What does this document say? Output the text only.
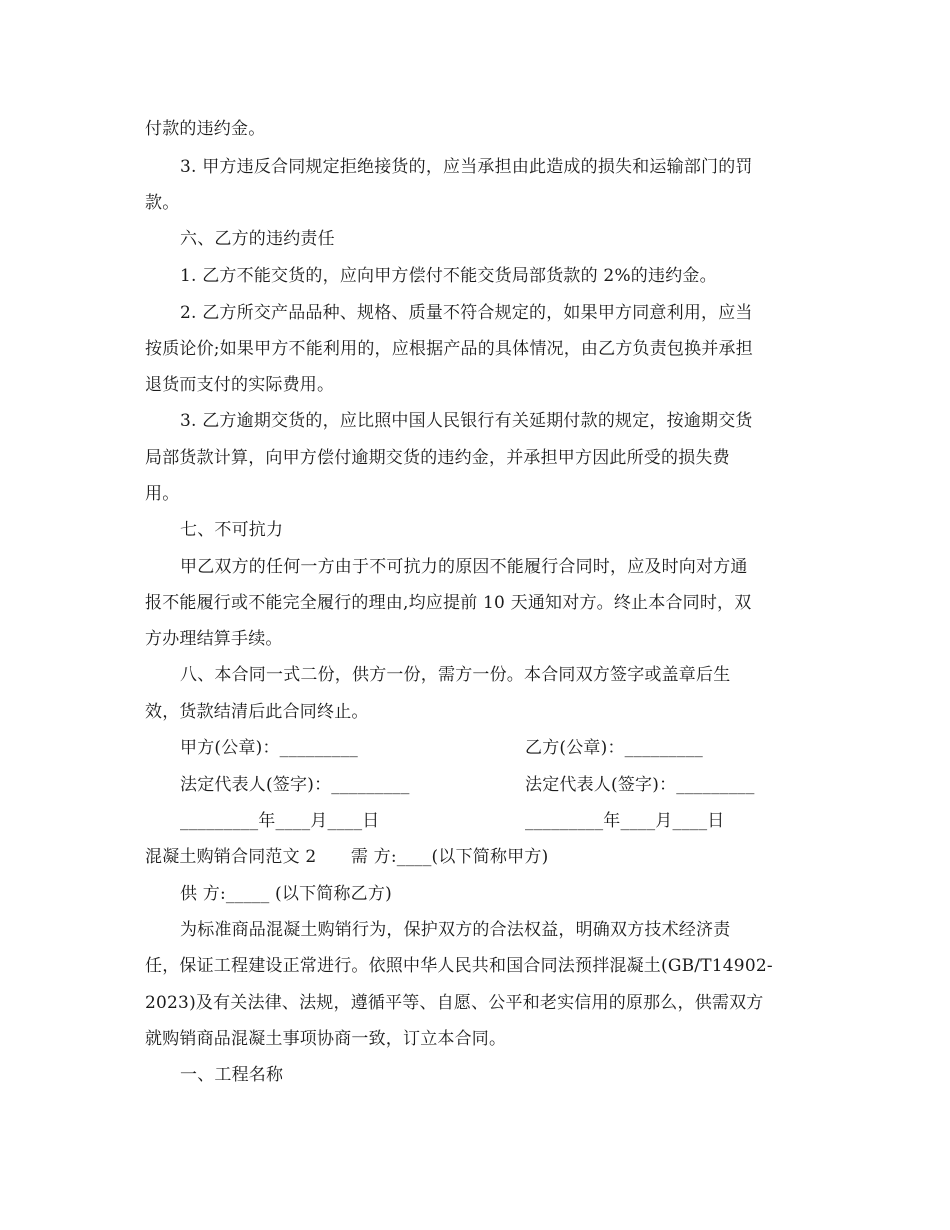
付款的违约金。
3. 甲方违反合同规定拒绝接货的，应当承担由此造成的损失和运输部门的罚
款。
六、乙方的违约责任
1. 乙方不能交货的，应向甲方偿付不能交货局部货款的 2%的违约金。
2. 乙方所交产品品种、规格、质量不符合规定的，如果甲方同意利用，应当
按质论价;如果甲方不能利用的，应根据产品的具体情况，由乙方负责包换并承担
退货而支付的实际费用。
3. 乙方逾期交货的，应比照中国人民银行有关延期付款的规定，按逾期交货
局部货款计算，向甲方偿付逾期交货的违约金，并承担甲方因此所受的损失费
用。
七、不可抗力
甲乙双方的任何一方由于不可抗力的原因不能履行合同时，应及时向对方通
报不能履行或不能完全履行的理由,均应提前 10 天通知对方。终止本合同时，双
方办理结算手续。
八、本合同一式二份，供方一份，需方一份。本合同双方签字或盖章后生
效，货款结清后此合同终止。
甲方(公章)：_________	乙方(公章)：_________
法定代表人(签字)：_________	法定代表人(签字)：_________
_________年____月____日	_________年____月____日
混凝土购销合同范文 2　　需 方:____(以下简称甲方)
供 方:_____ (以下简称乙方)
为标准商品混凝土购销行为，保护双方的合法权益，明确双方技术经济责
任，保证工程建设正常进行。依照中华人民共和国合同法预拌混凝土(GB/T14902-
2023)及有关法律、法规，遵循平等、自愿、公平和老实信用的原那么，供需双方
就购销商品混凝土事项协商一致，订立本合同。
一、工程名称
